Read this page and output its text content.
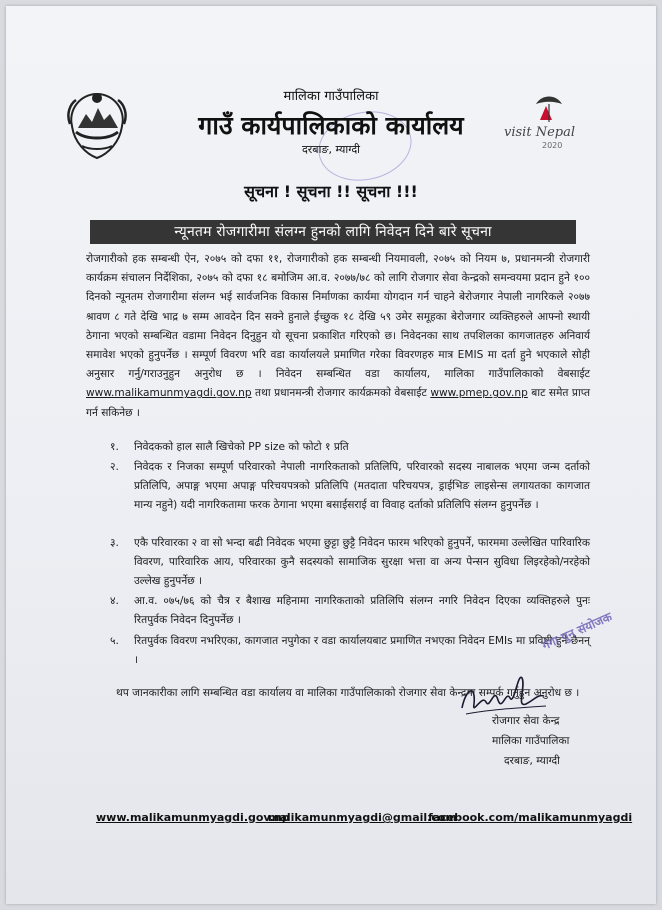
visit Nepal
2020
मालिका गाउँपालिका
गाउँ कार्यपालिकाको कार्यालय
दरबाङ, म्याग्दी
सूचना ! सूचना !! सूचना !!!
न्यूनतम रोजगारीमा संलग्न हुनको लागि निवेदन दिने बारे सूचना
रोजगारीको हक सम्बन्धी ऐन, २०७५ को दफा ११, रोजगारीको हक सम्बन्धी नियमावली, २०७५ को नियम ७, प्रधानमन्त्री रोजगारी कार्यक्रम संचालन निर्देशिका, २०७५ को दफा १८ बमोजिम आ.व. २०७७/७८ को लागि रोजगार सेवा केन्द्रको समन्वयमा प्रदान हुने १०० दिनको न्यूनतम रोजगारीमा संलग्न भई सार्वजनिक विकास निर्माणका कार्यमा योगदान गर्न चाहने बेरोजगार नेपाली नागरिकले २०७७ श्रावण ८ गते देखि भाद्र ७ सम्म आवदेन दिन सक्ने हुनाले ईच्छुक १८ देखि ५९ उमेर समूहका बेरोजगार व्यक्तिहरुले आफ्नो स्थायी ठेगाना भएको सम्बन्धित वडामा निवेदन दिनुहुन यो सूचना प्रकाशित गरिएको छ। निवेदनका साथ तपशिलका कागजातहरु अनिवार्य समावेश भएको हुनुपर्नेछ । सम्पूर्ण विवरण भरि वडा कार्यालयले प्रमाणित गरेका विवरणहरु मात्र EMIS मा दर्ता हुने भएकाले सोही अनुसार गर्नु/गराउनुहुन अनुरोध छ । निवेदन सम्बन्धित वडा कार्यालय, मालिका गाउँपालिकाको वेबसाईट www.malikamunmyagdi.gov.np तथा प्रधानमन्त्री रोजगार कार्यक्रमको वेबसाईट www.pmep.gov.np बाट समेत प्राप्त गर्न सकिनेछ ।
१.	निवेदकको हाल सालै खिचेको PP size को फोटो १ प्रति
२.	निवेदक र निजका सम्पूर्ण परिवारको नेपाली नागरिकताको प्रतिलिपि, परिवारको सदस्य नाबालक भएमा जन्म दर्ताको प्रतिलिपि, अपाङ्ग भएमा अपाङ्ग परिचयपत्रको प्रतिलिपि (मतदाता परिचयपत्र, ड्राईभिङ लाइसेन्स लगायतका कागजात मान्य नहुने) यदी नागरिकतामा फरक ठेगाना भएमा बसाईसराई वा विवाह दर्ताको प्रतिलिपि संलग्न हुनुपर्नेछ ।
३.	एकै परिवारका २ वा सो भन्दा बढी निवेदक भएमा छुट्टा छुट्टै निवेदन फारम भरिएको हुनुपर्ने, फारममा उल्लेखित पारिवारिक विवरण, पारिवारिक आय, परिवारका कुनै सदस्यको सामाजिक सुरक्षा भत्ता वा अन्य पेन्सन सुविधा लिइरहेको/नरहेको उल्लेख हुनुपर्नेछ ।
४.	आ.व. ०७५/७६ को चैत्र र बैशाख महिनामा नागरिकताको प्रतिलिपि संलग्न नगरि निवेदन दिएका व्यक्तिहरुले पुनः रितपुर्वक निवेदन दिनुपर्नेछ ।
५.	रितपुर्वक विवरण नभरिएका, कागजात नपुगेका र वडा कार्यालयबाट प्रमाणित नभएका निवेदन EMIs मा प्रविष्टी हुने छैनन् ।
थप जानकारीका लागि सम्बन्धित वडा कार्यालय वा मालिका गाउँपालिकाको रोजगार सेवा केन्द्रमा सम्पर्क गर्नुहुन अनुरोध छ ।
गंगा पुन संयोजक
रोजगार सेवा केन्द्र
मालिका गाउँपालिका
दरबाङ, म्याग्दी
www.malikamunmyagdi.gov.np
malikamunmyagdi@gmail.com
facebook.com/malikamunmyagdi
